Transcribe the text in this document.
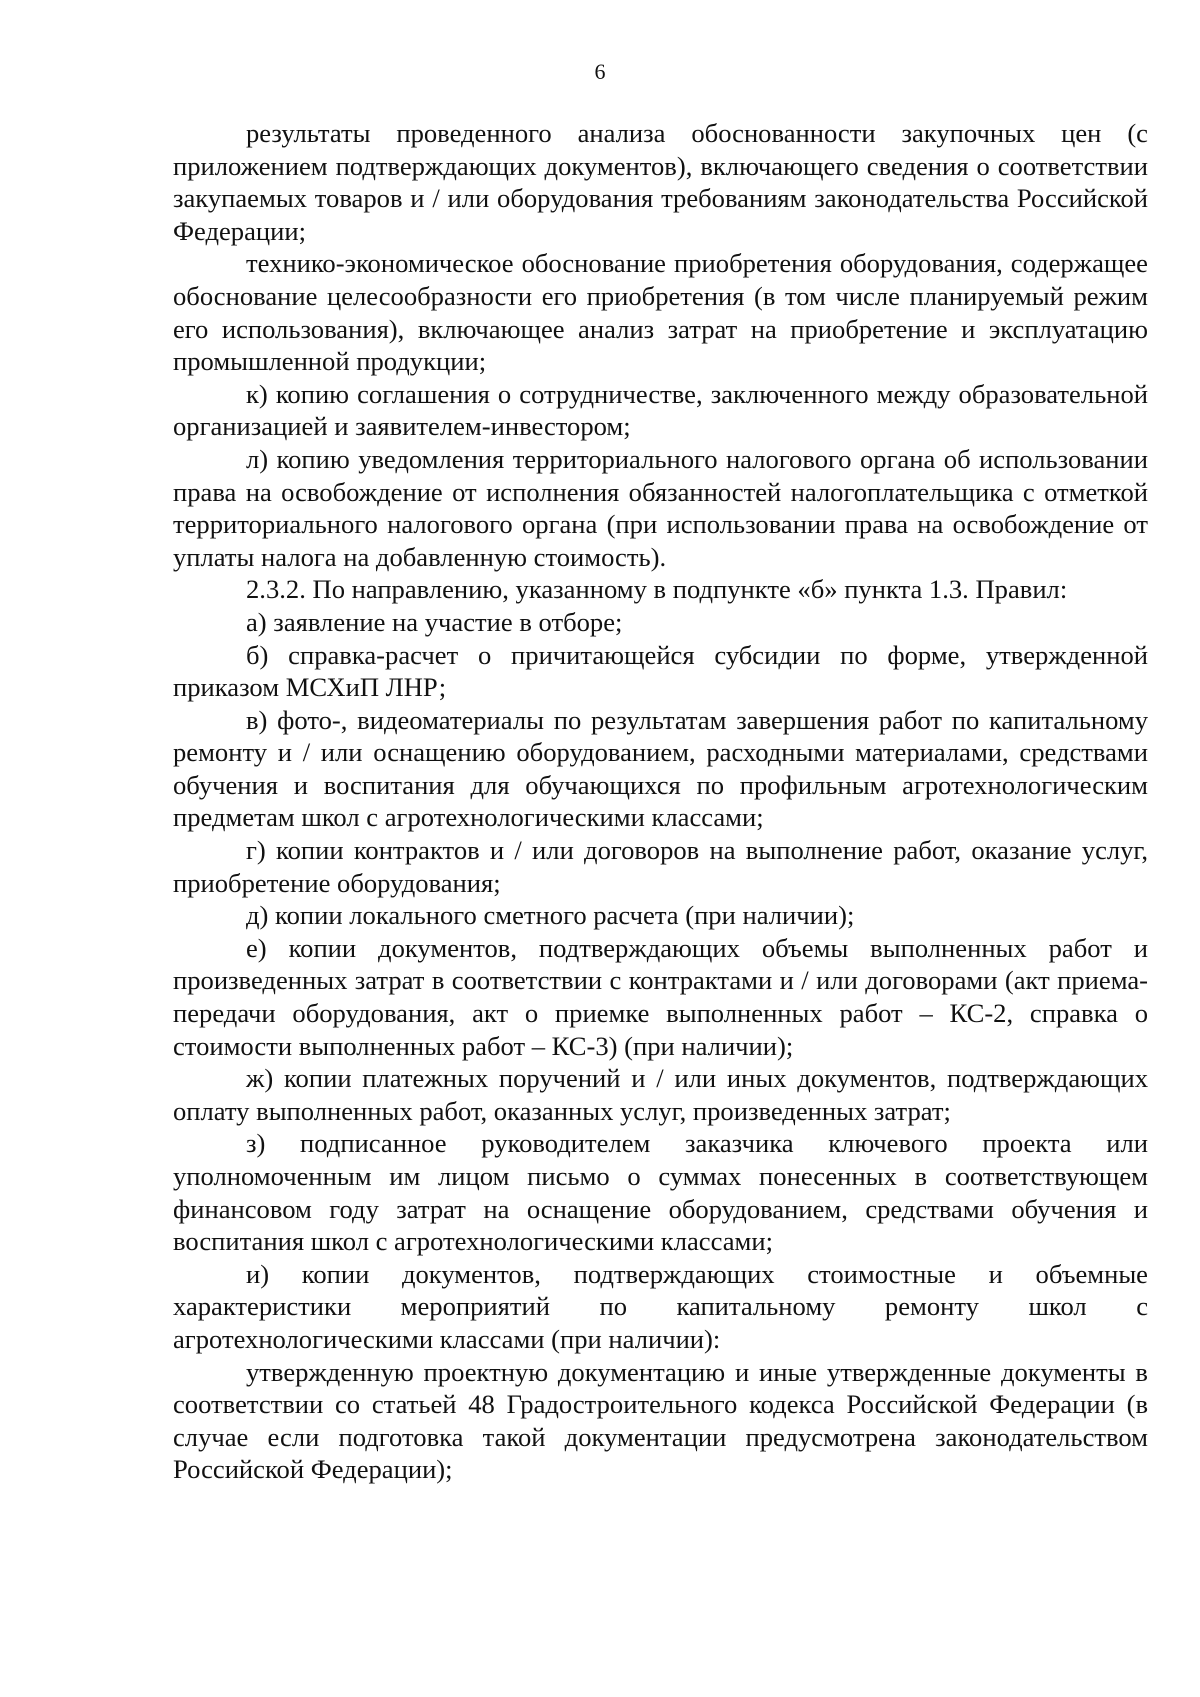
6

результаты проведенного анализа обоснованности закупочных цен (с приложением подтверждающих документов), включающего сведения о соответствии закупаемых товаров и / или оборудования требованиям законодательства Российской Федерации;

технико-экономическое обоснование приобретения оборудования, содержащее обоснование целесообразности его приобретения (в том числе планируемый режим его использования), включающее анализ затрат на приобретение и эксплуатацию промышленной продукции;

к) копию соглашения о сотрудничестве, заключенного между образовательной организацией и заявителем-инвестором;

л) копию уведомления территориального налогового органа об использовании права на освобождение от исполнения обязанностей налогоплательщика с отметкой территориального налогового органа (при использовании права на освобождение от уплаты налога на добавленную стоимость).

2.3.2. По направлению, указанному в подпункте «б» пункта 1.3. Правил:

а) заявление на участие в отборе;

б) справка-расчет о причитающейся субсидии по форме, утвержденной приказом МСХиП ЛНР;

в) фото-, видеоматериалы по результатам завершения работ по капитальному ремонту и / или оснащению оборудованием, расходными материалами, средствами обучения и воспитания для обучающихся по профильным агротехнологическим предметам школ с агротехнологическими классами;

г) копии контрактов и / или договоров на выполнение работ, оказание услуг, приобретение оборудования;

д) копии локального сметного расчета (при наличии);

е) копии документов, подтверждающих объемы выполненных работ и произведенных затрат в соответствии с контрактами и / или договорами (акт приема-передачи оборудования, акт о приемке выполненных работ – КС-2, справка о стоимости выполненных работ – КС-3) (при наличии);

ж) копии платежных поручений и / или иных документов, подтверждающих оплату выполненных работ, оказанных услуг, произведенных затрат;

з) подписанное руководителем заказчика ключевого проекта или уполномоченным им лицом письмо о суммах понесенных в соответствующем финансовом году затрат на оснащение оборудованием, средствами обучения и воспитания школ с агротехнологическими классами;

и) копии документов, подтверждающих стоимостные и объемные характеристики мероприятий по капитальному ремонту школ с агротехнологическими классами (при наличии):

утвержденную проектную документацию и иные утвержденные документы в соответствии со статьей 48 Градостроительного кодекса Российской Федерации (в случае если подготовка такой документации предусмотрена законодательством Российской Федерации);
